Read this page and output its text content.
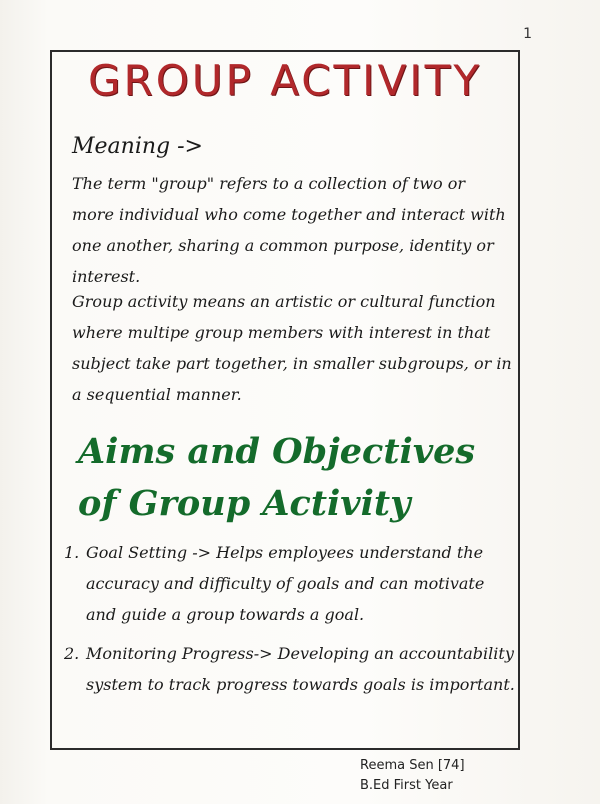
1
GROUP ACTIVITY
Meaning ->

The term "group" refers to a collection of two or more individual who come together and interact with one another, sharing a common purpose, identity or interest.

Group activity means an artistic or cultural function where multipe group members with interest in that subject take part together, in smaller subgroups, or in a sequential manner.

Aims and Objectives of Group Activity
1. Goal Setting -> Helps employees understand the accuracy and difficulty of goals and can motivate and guide a group towards a goal.
2. Monitoring Progress-> Developing an accountability system to track progress towards goals is important.
Reema Sen [74]
B.Ed First Year
